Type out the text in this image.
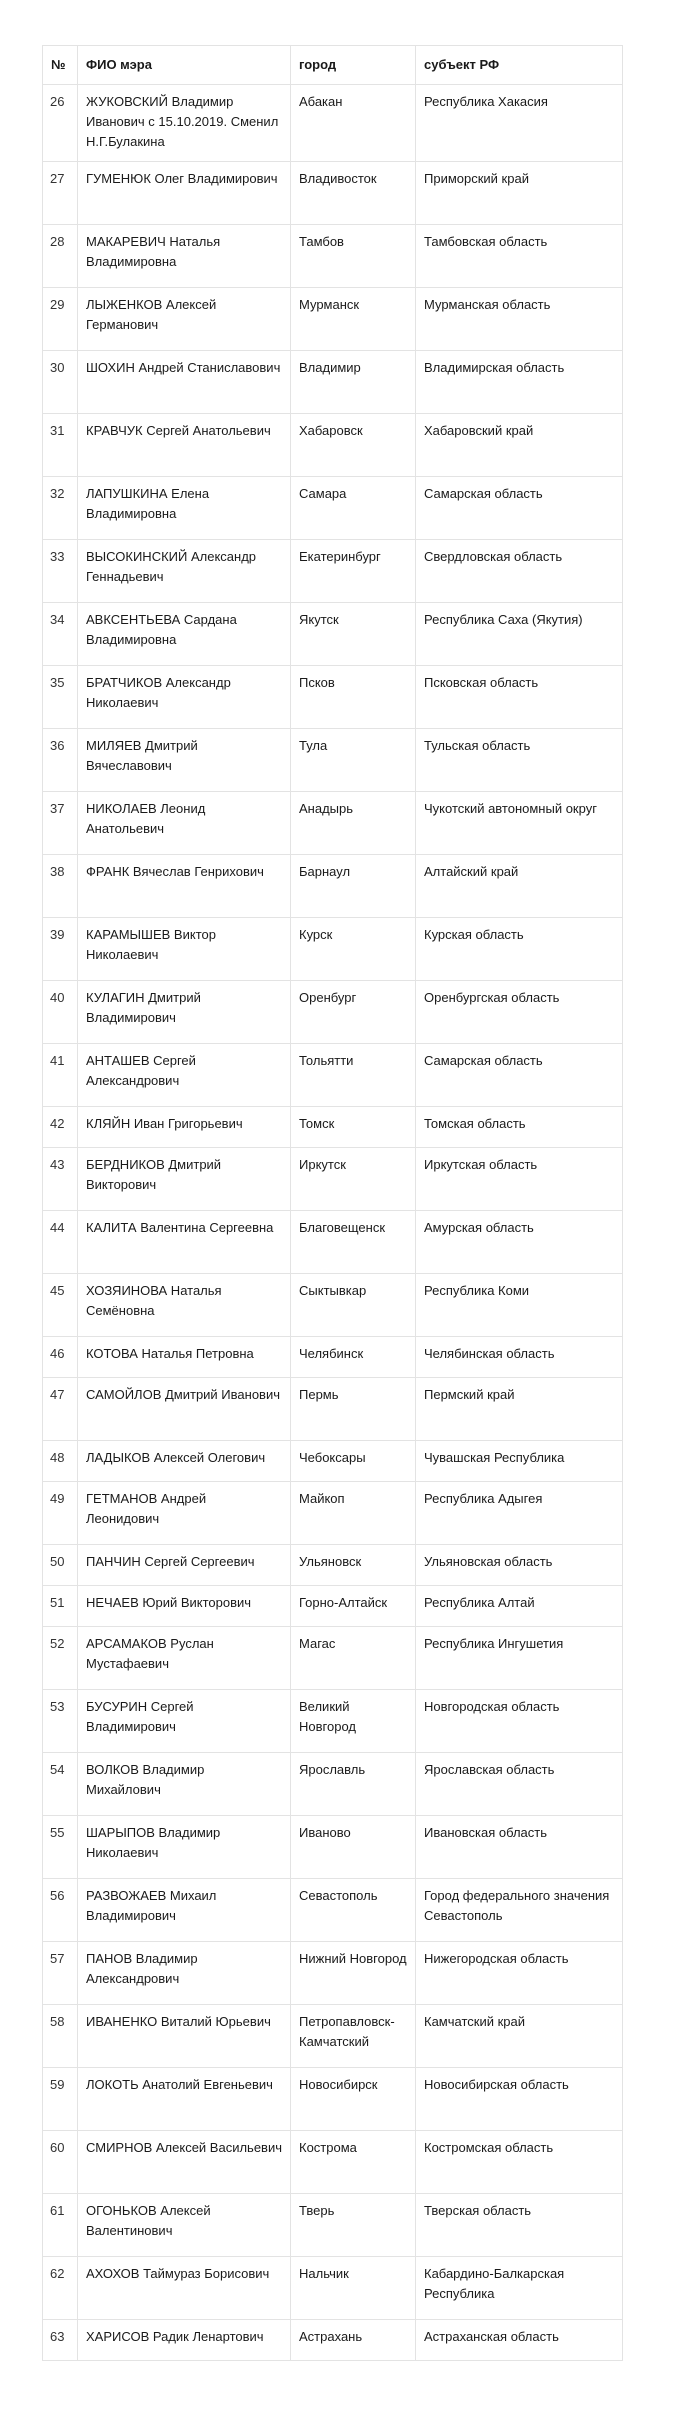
№	ФИО мэра	город	субъект РФ
26	ЖУКОВСКИЙ Владимир Иванович с 15.10.2019. Сменил Н.Г.Булакина	Абакан	Республика Хакасия
27	ГУМЕНЮК Олег Владимирович	Владивосток	Приморский край
28	МАКАРЕВИЧ Наталья Владимировна	Тамбов	Тамбовская область
29	ЛЫЖЕНКОВ Алексей Германович	Мурманск	Мурманская область
30	ШОХИН Андрей Станиславович	Владимир	Владимирская область
31	КРАВЧУК Сергей Анатольевич	Хабаровск	Хабаровский край
32	ЛАПУШКИНА Елена Владимировна	Самара	Самарская область
33	ВЫСОКИНСКИЙ Александр Геннадьевич	Екатеринбург	Свердловская область
34	АВКСЕНТЬЕВА Сардана Владимировна	Якутск	Республика Саха (Якутия)
35	БРАТЧИКОВ Александр Николаевич	Псков	Псковская область
36	МИЛЯЕВ Дмитрий Вячеславович	Тула	Тульская область
37	НИКОЛАЕВ Леонид Анатольевич	Анадырь	Чукотский автономный округ
38	ФРАНК Вячеслав Генрихович	Барнаул	Алтайский край
39	КАРАМЫШЕВ Виктор Николаевич	Курск	Курская область
40	КУЛАГИН Дмитрий Владимирович	Оренбург	Оренбургская область
41	АНТАШЕВ Сергей Александрович	Тольятти	Самарская область
42	КЛЯЙН Иван Григорьевич	Томск	Томская область
43	БЕРДНИКОВ Дмитрий Викторович	Иркутск	Иркутская область
44	КАЛИТА Валентина Сергеевна	Благовещенск	Амурская область
45	ХОЗЯИНОВА Наталья Семёновна	Сыктывкар	Республика Коми
46	КОТОВА Наталья Петровна	Челябинск	Челябинская область
47	САМОЙЛОВ Дмитрий Иванович	Пермь	Пермский край
48	ЛАДЫКОВ Алексей Олегович	Чебоксары	Чувашская Республика
49	ГЕТМАНОВ Андрей Леонидович	Майкоп	Республика Адыгея
50	ПАНЧИН Сергей Сергеевич	Ульяновск	Ульяновская область
51	НЕЧАЕВ Юрий Викторович	Горно-Алтайск	Республика Алтай
52	АРСАМАКОВ Руслан Мустафаевич	Магас	Республика Ингушетия
53	БУСУРИН Сергей Владимирович	Великий Новгород	Новгородская область
54	ВОЛКОВ Владимир Михайлович	Ярославль	Ярославская область
55	ШАРЫПОВ Владимир Николаевич	Иваново	Ивановская область
56	РАЗВОЖАЕВ Михаил Владимирович	Севастополь	Город федерального значения Севастополь
57	ПАНОВ Владимир Александрович	Нижний Новгород	Нижегородская область
58	ИВАНЕНКО Виталий Юрьевич	Петропавловск-Камчатский	Камчатский край
59	ЛОКОТЬ Анатолий Евгеньевич	Новосибирск	Новосибирская область
60	СМИРНОВ Алексей Васильевич	Кострома	Костромская область
61	ОГОНЬКОВ Алексей Валентинович	Тверь	Тверская область
62	АХОХОВ Таймураз Борисович	Нальчик	Кабардино-Балкарская Республика
63	ХАРИСОВ Радик Ленартович	Астрахань	Астраханская область
